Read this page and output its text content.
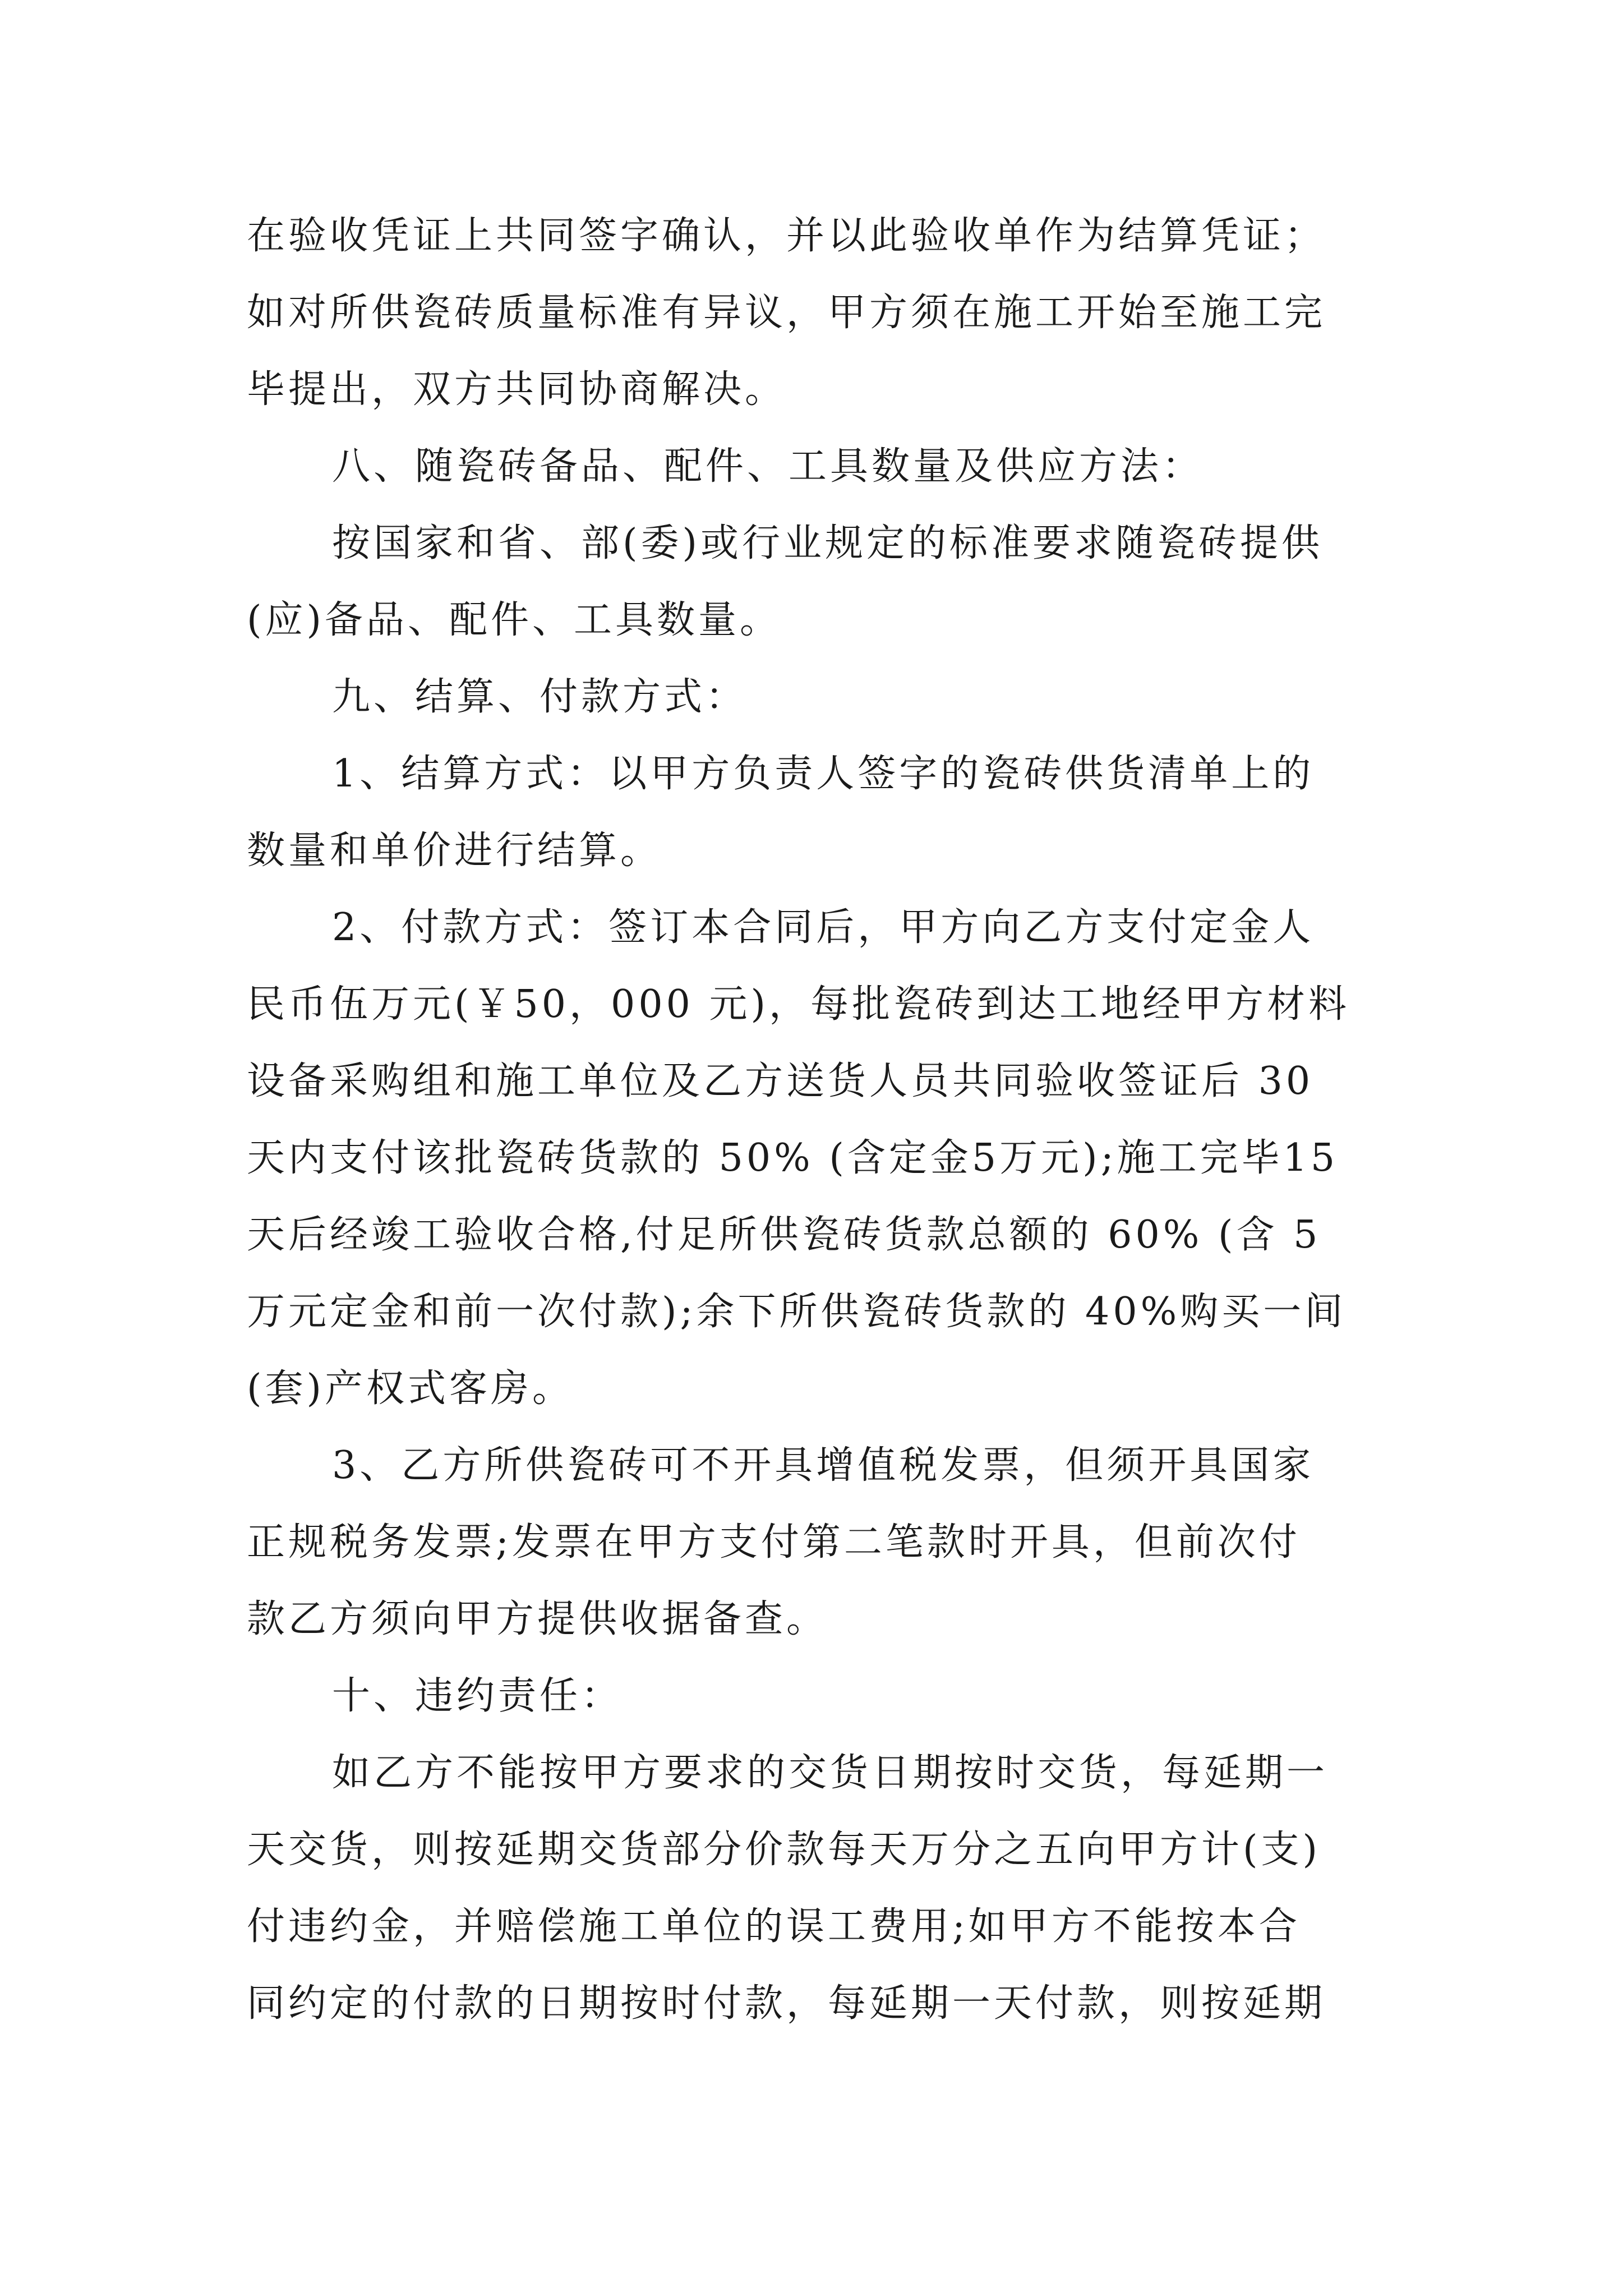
在验收凭证上共同签字确认，并以此验收单作为结算凭证；
如对所供瓷砖质量标准有异议，甲方须在施工开始至施工完
毕提出，双方共同协商解决。
八、随瓷砖备品、配件、工具数量及供应方法：
按国家和省、部(委)或行业规定的标准要求随瓷砖提供
(应)备品、配件、工具数量。
九、结算、付款方式：
1、结算方式：以甲方负责人签字的瓷砖供货清单上的
数量和单价进行结算。
2、付款方式：签订本合同后，甲方向乙方支付定金人
民币伍万元(￥50，000 元)，每批瓷砖到达工地经甲方材料
设备采购组和施工单位及乙方送货人员共同验收签证后 30
天内支付该批瓷砖货款的 50% (含定金5万元);施工完毕15
天后经竣工验收合格,付足所供瓷砖货款总额的 60% (含 5
万元定金和前一次付款);余下所供瓷砖货款的 40%购买一间
(套)产权式客房。
3、乙方所供瓷砖可不开具增值税发票，但须开具国家
正规税务发票;发票在甲方支付第二笔款时开具，但前次付
款乙方须向甲方提供收据备查。
十、违约责任：
如乙方不能按甲方要求的交货日期按时交货，每延期一
天交货，则按延期交货部分价款每天万分之五向甲方计(支)
付违约金，并赔偿施工单位的误工费用;如甲方不能按本合
同约定的付款的日期按时付款，每延期一天付款，则按延期
